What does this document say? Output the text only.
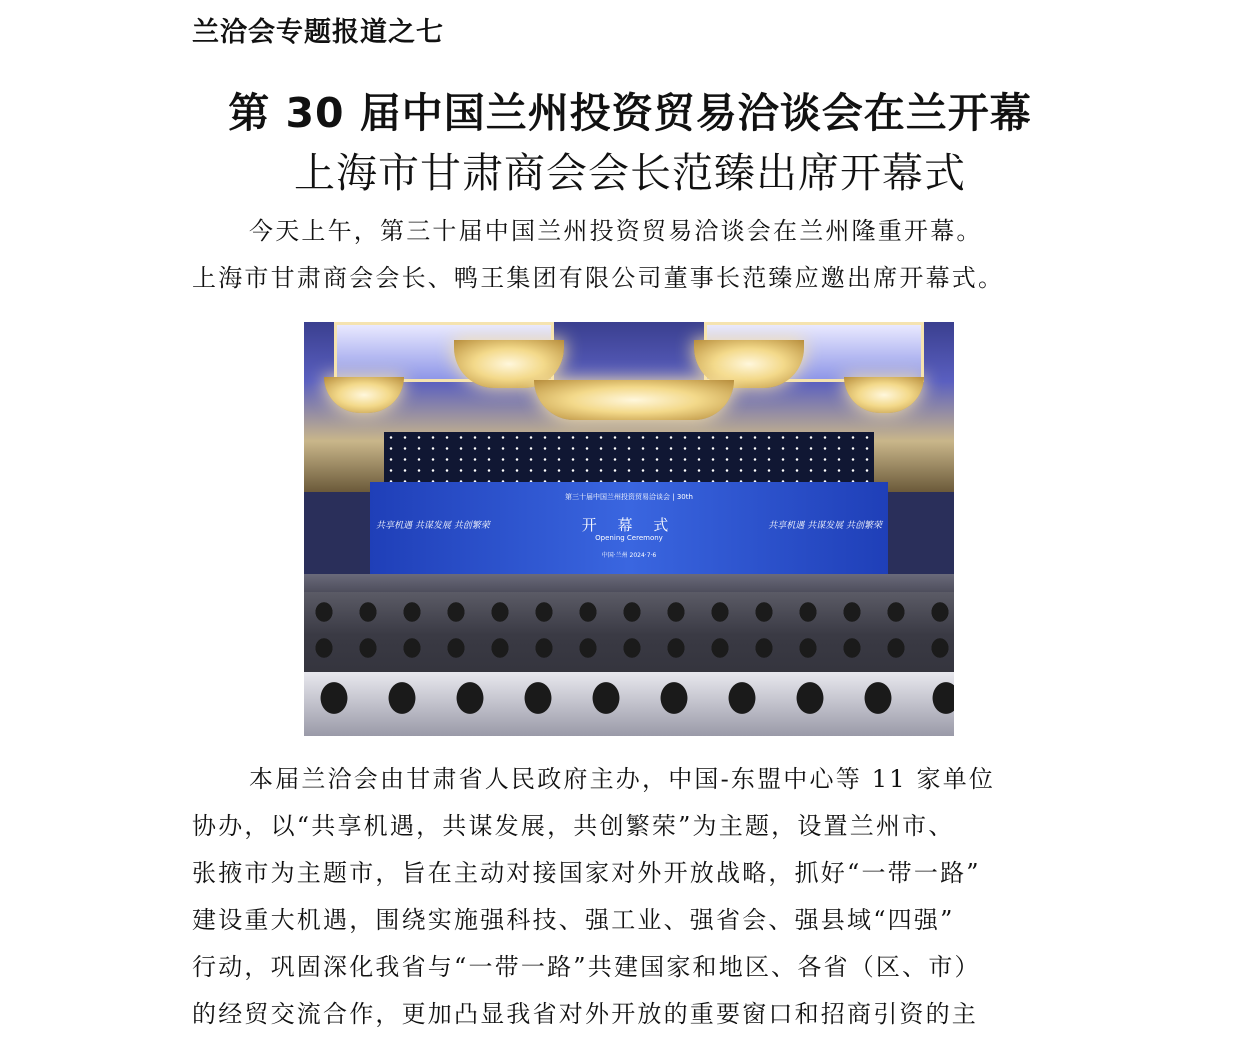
兰洽会专题报道之七
第 30 届中国兰州投资贸易洽谈会在兰开幕
上海市甘肃商会会长范臻出席开幕式
今天上午，第三十届中国兰州投资贸易洽谈会在兰州隆重开幕。
上海市甘肃商会会长、鸭王集团有限公司董事长范臻应邀出席开幕式。
第三十届中国兰州投资贸易洽谈会 | 30th
共享机遇 共谋发展 共创繁荣	开 幕 式
Opening Ceremony
中国·兰州 2024·7·6
共享机遇 共谋发展 共创繁荣
本届兰洽会由甘肃省人民政府主办，中国-东盟中心等 11 家单位
协办，以“共享机遇，共谋发展，共创繁荣”为主题，设置兰州市、
张掖市为主题市，旨在主动对接国家对外开放战略，抓好“一带一路”
建设重大机遇，围绕实施强科技、强工业、强省会、强县域“四强”
行动，巩固深化我省与“一带一路”共建国家和地区、各省（区、市）
的经贸交流合作，更加凸显我省对外开放的重要窗口和招商引资的主
